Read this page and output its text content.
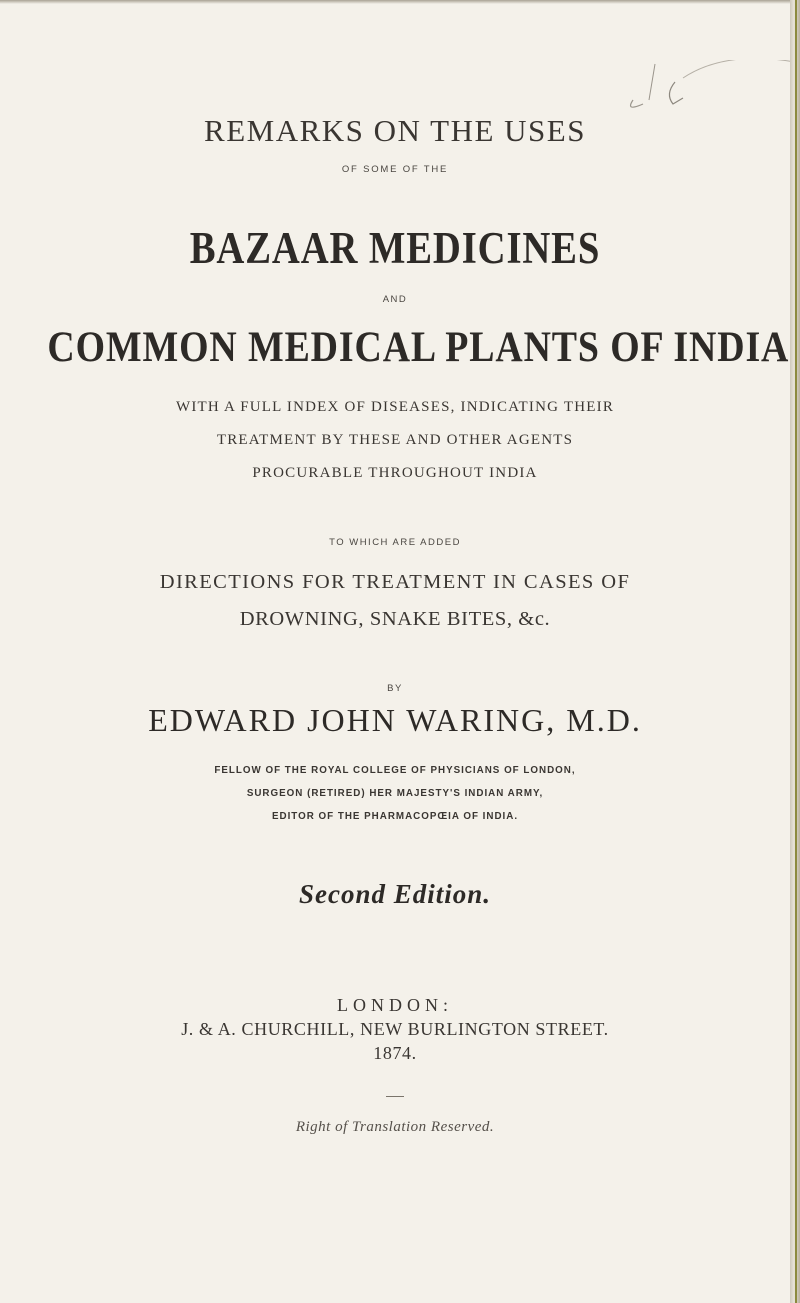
REMARKS ON THE USES
OF SOME OF THE
BAZAAR MEDICINES
AND
COMMON MEDICAL PLANTS OF INDIA
WITH A FULL INDEX OF DISEASES, INDICATING THEIR
TREATMENT BY THESE AND OTHER AGENTS
PROCURABLE THROUGHOUT INDIA
TO WHICH ARE ADDED
DIRECTIONS FOR TREATMENT IN CASES OF
DROWNING, SNAKE BITES, &c.
BY
EDWARD JOHN WARING, M.D.
FELLOW OF THE ROYAL COLLEGE OF PHYSICIANS OF LONDON,
SURGEON (RETIRED) HER MAJESTY'S INDIAN ARMY,
EDITOR OF THE PHARMACOPŒIA OF INDIA.
Second Edition.
LONDON:
J. & A. CHURCHILL, NEW BURLINGTON STREET.
1874.
Right of Translation Reserved.
